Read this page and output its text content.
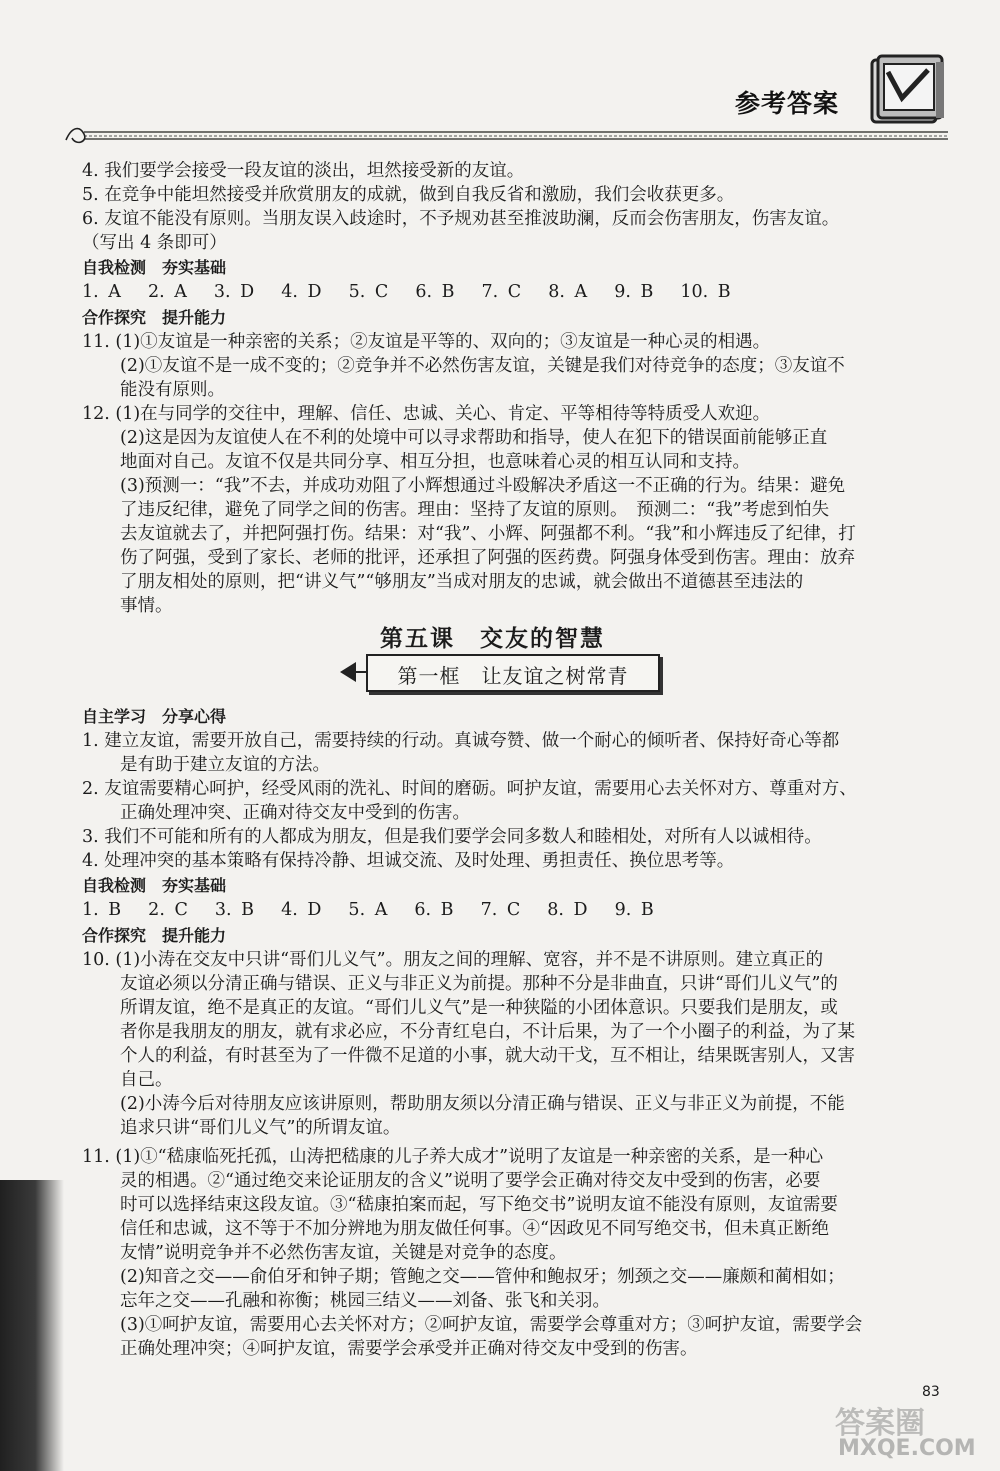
参考答案
4. 我们要学会接受一段友谊的淡出，坦然接受新的友谊。
5. 在竞争中能坦然接受并欣赏朋友的成就，做到自我反省和激励，我们会收获更多。
6. 友谊不能没有原则。当朋友误入歧途时，不予规劝甚至推波助澜，反而会伤害朋友，伤害友谊。
（写出 4 条即可）
自我检测　夯实基础
1. A　 2. A　 3. D　 4. D　 5. C　 6. B　 7. C　 8. A　 9. B　 10. B
合作探究　提升能力
11. (1)①友谊是一种亲密的关系；②友谊是平等的、双向的；③友谊是一种心灵的相遇。
(2)①友谊不是一成不变的；②竞争并不必然伤害友谊，关键是我们对待竞争的态度；③友谊不
能没有原则。
12. (1)在与同学的交往中，理解、信任、忠诚、关心、肯定、平等相待等特质受人欢迎。
(2)这是因为友谊使人在不利的处境中可以寻求帮助和指导，使人在犯下的错误面前能够正直
地面对自己。友谊不仅是共同分享、相互分担，也意味着心灵的相互认同和支持。
(3)预测一：“我”不去，并成功劝阻了小辉想通过斗殴解决矛盾这一不正确的行为。结果：避免
了违反纪律，避免了同学之间的伤害。理由：坚持了友谊的原则。　预测二：“我”考虑到怕失
去友谊就去了，并把阿强打伤。结果：对“我”、小辉、阿强都不利。“我”和小辉违反了纪律，打
伤了阿强，受到了家长、老师的批评，还承担了阿强的医药费。阿强身体受到伤害。理由：放弃
了朋友相处的原则，把“讲义气”“够朋友”当成对朋友的忠诚，就会做出不道德甚至违法的
事情。
第五课　交友的智慧
第一框　让友谊之树常青
自主学习　分享心得
1. 建立友谊，需要开放自己，需要持续的行动。真诚夸赞、做一个耐心的倾听者、保持好奇心等都
是有助于建立友谊的方法。
2. 友谊需要精心呵护，经受风雨的洗礼、时间的磨砺。呵护友谊，需要用心去关怀对方、尊重对方、
正确处理冲突、正确对待交友中受到的伤害。
3. 我们不可能和所有的人都成为朋友，但是我们要学会同多数人和睦相处，对所有人以诚相待。
4. 处理冲突的基本策略有保持冷静、坦诚交流、及时处理、勇担责任、换位思考等。
自我检测　夯实基础
1. B　 2. C　 3. B　 4. D　 5. A　 6. B　 7. C　 8. D　 9. B
合作探究　提升能力
10. (1)小涛在交友中只讲“哥们儿义气”。朋友之间的理解、宽容，并不是不讲原则。建立真正的
友谊必须以分清正确与错误、正义与非正义为前提。那种不分是非曲直，只讲“哥们儿义气”的
所谓友谊，绝不是真正的友谊。“哥们儿义气”是一种狭隘的小团体意识。只要我们是朋友，或
者你是我朋友的朋友，就有求必应，不分青红皂白，不计后果，为了一个小圈子的利益，为了某
个人的利益，有时甚至为了一件微不足道的小事，就大动干戈，互不相让，结果既害别人，又害
自己。
(2)小涛今后对待朋友应该讲原则，帮助朋友须以分清正确与错误、正义与非正义为前提，不能
追求只讲“哥们儿义气”的所谓友谊。
11. (1)①“嵇康临死托孤，山涛把嵇康的儿子养大成才”说明了友谊是一种亲密的关系，是一种心
灵的相遇。②“通过绝交来论证朋友的含义”说明了要学会正确对待交友中受到的伤害，必要
时可以选择结束这段友谊。③“嵇康拍案而起，写下绝交书”说明友谊不能没有原则，友谊需要
信任和忠诚，这不等于不加分辨地为朋友做任何事。④“因政见不同写绝交书，但未真正断绝
友情”说明竞争并不必然伤害友谊，关键是对竞争的态度。
(2)知音之交——俞伯牙和钟子期；管鲍之交——管仲和鲍叔牙；刎颈之交——廉颇和蔺相如；
忘年之交——孔融和祢衡；桃园三结义——刘备、张飞和关羽。
(3)①呵护友谊，需要用心去关怀对方；②呵护友谊，需要学会尊重对方；③呵护友谊，需要学会
正确处理冲突；④呵护友谊，需要学会承受并正确对待交友中受到的伤害。
83
答案圈
MXQE.COM
